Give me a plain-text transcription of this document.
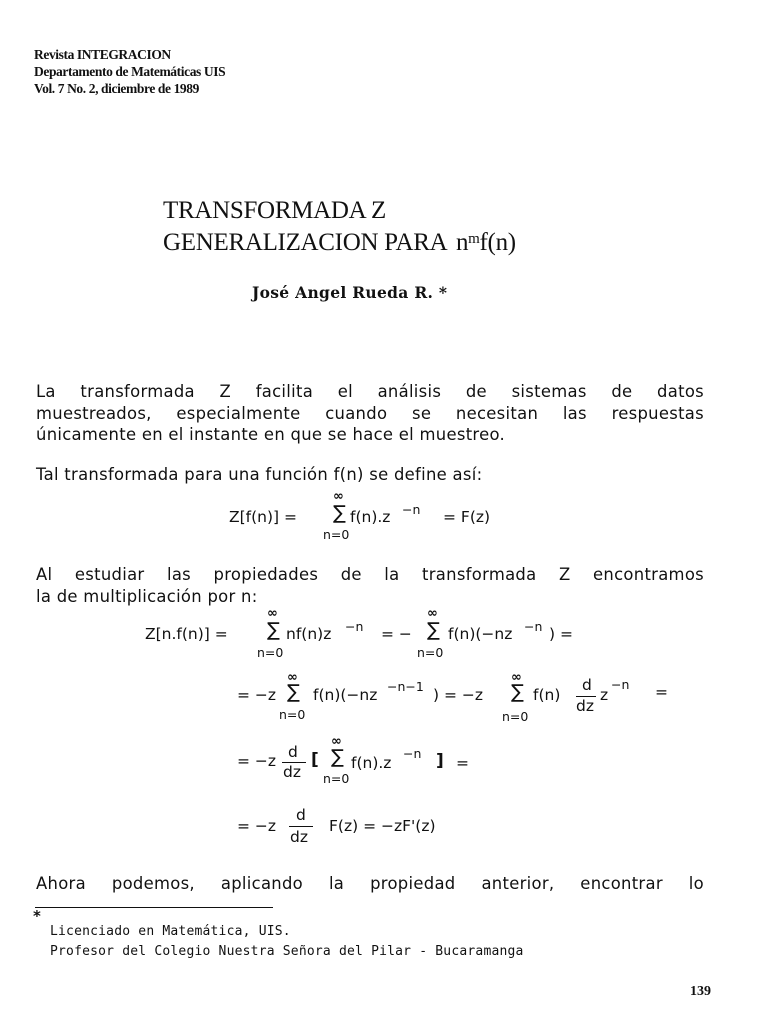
Revista INTEGRACION
Departamento de Matemáticas UIS
Vol. 7 No. 2, diciembre de 1989
TRANSFORMADA Z
GENERALIZACION PARA $n^mf(n)$
José Angel Rueda R. *
La transformada Z facilita el análisis de sistemas de datos
muestreados, especialmente cuando se necesitan las respuestas
únicamente en el instante en que se hace el muestreo.
Tal transformada para una función f(n) se define así:
Z[f(n)] =
∞
∑
n=0
f(n).z −n = F(z)
Al estudiar las propiedades de la transformada Z encontramos
la de multiplicación por n:
Z[n.f(n)] =
∞
∑
n=0
nf(n)z −n = −
∞
∑
n=0
f(n)(−nz −n ) =
= −z
∞
∑
n=0
f(n)(−nz −n−1 ) = −z
∞
∑
n=0
f(n)
d
dz
z
−n =
= −z d
dz
[
∞
∑
n=0
f(n).z
−n ] =
= −z
d
dz
F(z) = −zF'(z)
Ahora podemos, aplicando la propiedad anterior, encontrar lo
*
Licenciado en Matemática, UIS.
Profesor del Colegio Nuestra Señora del Pilar - Bucaramanga
139
